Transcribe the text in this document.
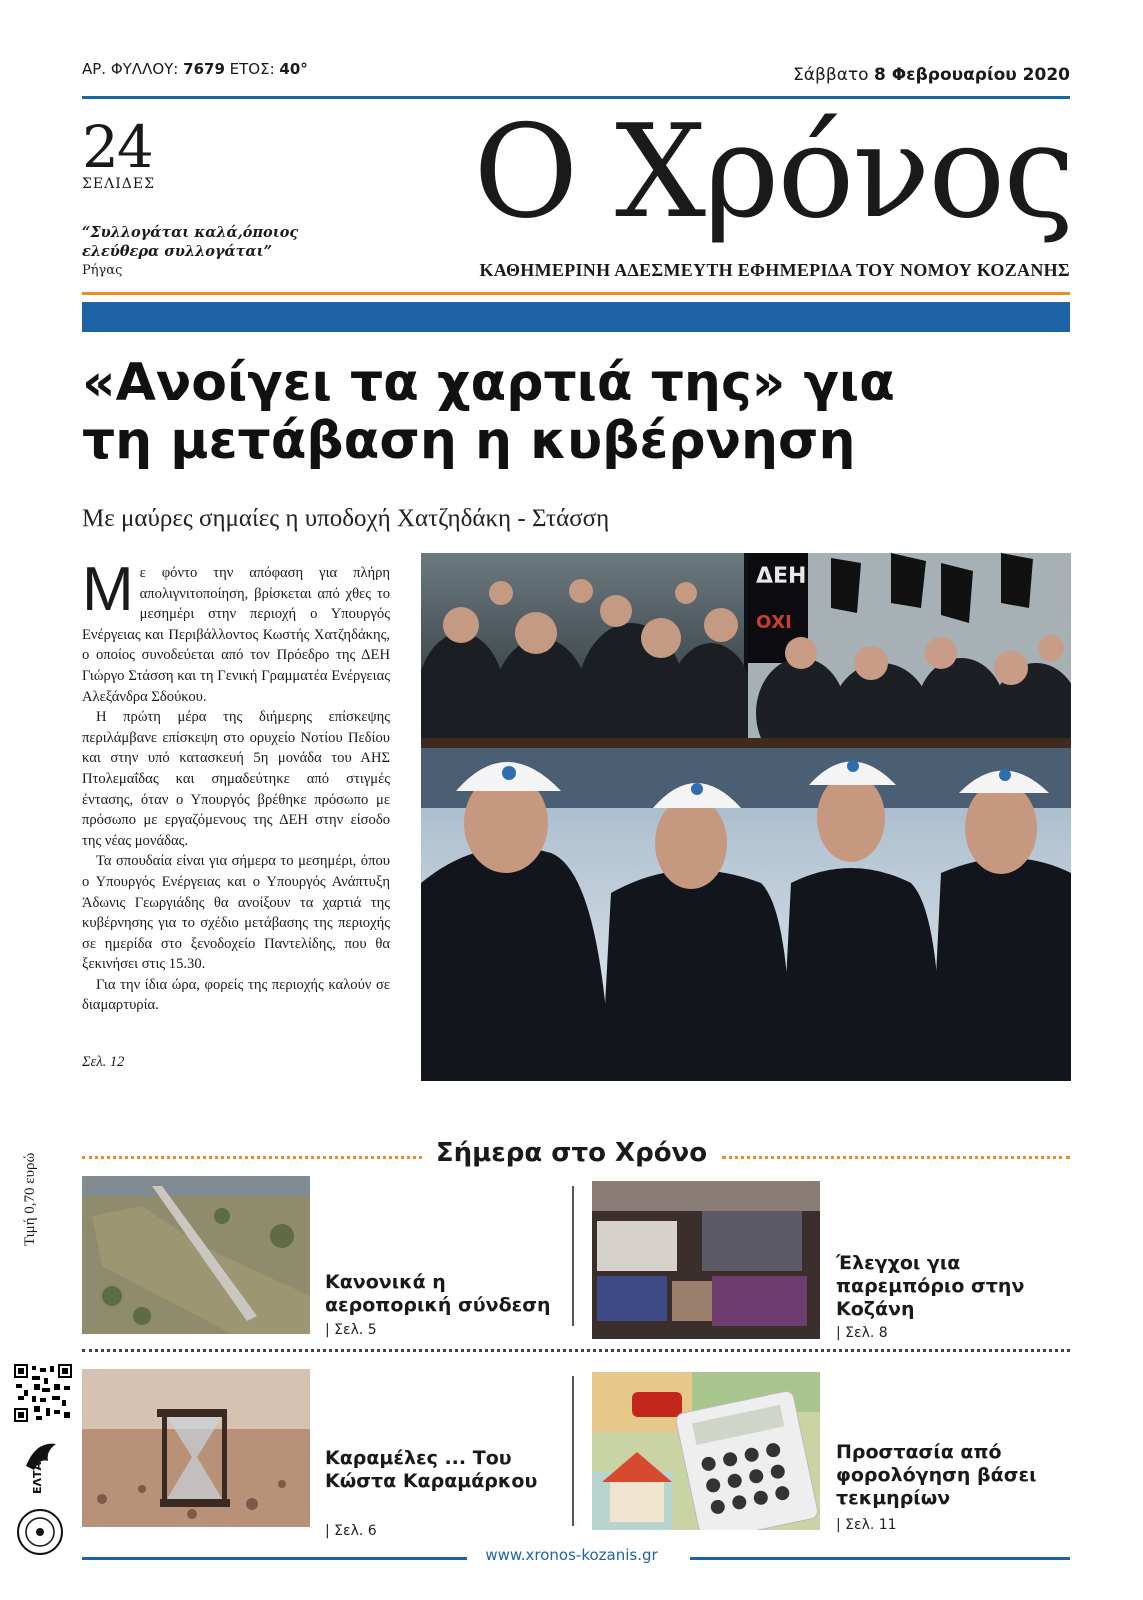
ΑΡ. ΦΥΛΛΟΥ: 7679 ΕΤΟΣ: 40°	Σάββατο 8 Φεβρουαρίου 2020
24
ΣΕΛΙΔΕΣ
“Συλλογάται καλά,όποιος ελεύθερα συλλογάται”
Ρήγας
Ο Χρόνος
ΚΑΘΗΜΕΡΙΝΗ ΑΔΕΣΜΕΥΤΗ ΕΦΗΜΕΡΙΔΑ ΤΟΥ ΝΟΜΟΥ ΚΟΖΑΝΗΣ
«Ανοίγει τα χαρτιά της» για
τη μετάβαση η κυβέρνηση
Με μαύρες σημαίες η υποδοχή Χατζηδάκη - Στάσση

Με φόντο την απόφαση για πλήρη απολιγνιτοποίηση, βρίσκεται από χθες το μεσημέρι στην περιοχή ο Υπουργός Ενέργειας και Περιβάλλοντος Κωστής Χατζηδάκης, ο οποίος συνοδεύεται από τον Πρόεδρο της ΔΕΗ Γιώργο Στάσση και τη Γενική Γραμματέα Ενέργειας Αλεξάνδρα Σδούκου.

Η πρώτη μέρα της διήμερης επίσκεψης περιλάμβανε επίσκεψη στο ορυχείο Νοτίου Πεδίου και στην υπό κατασκευή 5η μονάδα του ΑΗΣ Πτολεμαΐδας και σημαδεύτηκε από στιγμές έντασης, όταν ο Υπουργός βρέθηκε πρόσωπο με πρόσωπο με εργαζόμενους της ΔΕΗ στην είσοδο της νέας μονάδας.

Τα σπουδαία είναι για σήμερα το μεσημέρι, όπου ο Υπουργός Ενέργειας και ο Υπουργός Ανάπτυξη Άδωνις Γεωργιάδης θα ανοίξουν τα χαρτιά της κυβέρνησης για το σχέδιο μετάβασης της περιοχής σε ημερίδα στο ξενοδοχείο Παντελίδης, που θα ξεκινήσει στις 15.30.

Για την ίδια ώρα, φορείς της περιοχής καλούν σε διαμαρτυρία.

Σελ. 12
ΔΕΗ
ΟΧΙ
Σήμερα στο Χρόνο
Κανονικά η αεροπορική σύνδεση
| Σελ. 5
Έλεγχοι για παρεμπόριο στην Κοζάνη
| Σελ. 8
Καραμέλες ... Του Κώστα Καραμάρκου
| Σελ. 6
Προστασία από φορολόγηση βάσει τεκμηρίων
| Σελ. 11
Τιμή 0,70 ευρώ
ΕΛΤΑ
www.xronos-kozanis.gr
